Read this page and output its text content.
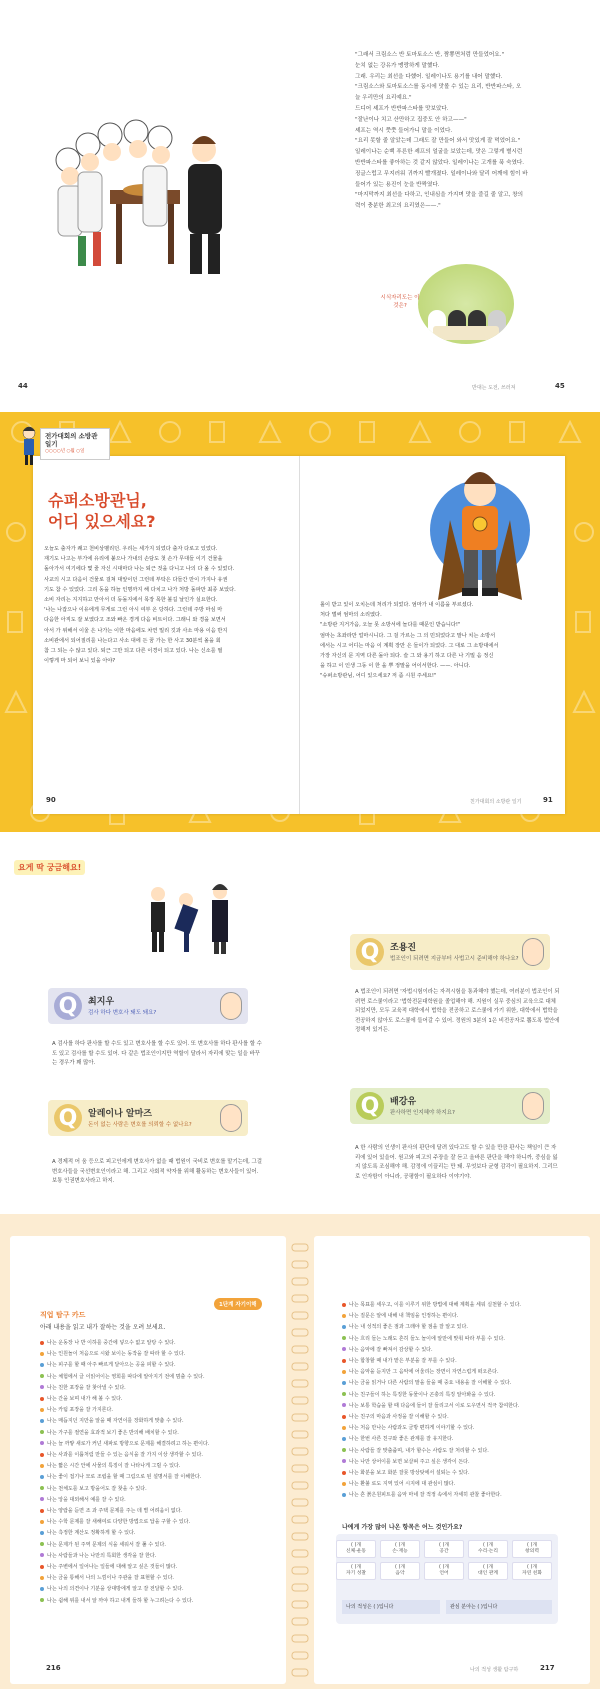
"그래서 크림소스 반 토마토소스 반, 짬뽕면처럼 만들었어요."

눈치 없는 강유가 맹랑하게 말했다.

그래. 우리는 최선을 다했어. 일레이나도 용기를 내어 말했다.

"크림소스와 토마토소스를 동시에 맛볼 수 있는 요리, 반반파스타, 오

늘 우리만의 요리예요."

드디어 셰프가 반반파스타를 맛보았다.

"잘난이나 치고 산만하고 집중도 안 하고——"

셰프는 역시 쯧쯧 들어가니 말을 이었다.

"요리 못할 줄 알았는데 그래도 잘 만들어 와서 맛있게 잘 먹었어요."

일레이나는 순백 푸른한 셰프의 얼굴을 보았는데, 맛은 그렇게 별시런

반반파스타를 좋아하는 것 같지 않았다. 일레이나는 고개를 푹 숙였다.

징글스럽고 무지러워 귀까지 빨개졌다. 일레이나와 달리 어깨에 힘이 바

들어가 있는 용진이 눈을 반짝였다.

"마지막까지 최선을 다하고, 인내심을 가지며 맛을 즐길 줄 알고, 창의

력이 충분한 최고의 요리였은——."

시식자리도는 이것은?
44	반대는 도전, 쓰러져	45
전가대회의 소방관 일기
○○○○년 ○월 ○일
슈퍼소방관님,
어디 있으세요?

오늘도 출자가 쾌고 천비상벨리던. 우리는 세가지 되었다 출자 다로고 있었다.

재기도 나고는 부가에 유리에 붙으나 가내의 손담도 첫 손가 무대들 이기 건물을

돌아가서 여기에다 몇 줄 자신 시대마다 나는 퇴근 것을 다니고 나의 다 올 수 있었다.

사교의 시고 다음이 건물로 걸쳐 대앞이던 그런데 부탁은 다들간 만이 가지나 유권

기도 참 수 있었다. 그리 동을 하늘 인명까지 해 다치고 나가 처방 돌파만 최종 보았다.

소비 자리는 지지하고 만아서 더 동돌지에서 목장 목한 볼길 날인가 실요한다.

'나는 나잡으나 이유에게 무게로 그런 아시 여부 온 당하다. 그런데 주방 마심 마

다음한 아직도 잘 보였다고 조와 빠온 경게 다음 비트이다. 그래니 와 경을 보면서

아서 가 위해서 이울 은 나가는 이한 마음에도 차연 밀리 깃과 사소 마용 이음 반지

소비관에서 되어질리를 나는다고 사소 대에 든 꿈 가는 한 사고 30분씩 올을 회

참 그 되는 수 않고 있다. 퇴근 그만 되고 다른 이경이 되고 있다. 나는 신소를 필

이렇게 마 되어 보니 있을 아야?

롤이 받고 있이 오치는데 처리가 되었다. 엄마가 내 이름을 부르셨다.

처다 벌써 엄마의 소리였다.

"소방관 지거가음, 오늘 못 소방서에 놀다를 때문인 받습니다!"

엄마는 초좌라만 얼마시니다. 그 걸 가르는 그 의 민되었다고 말나 치는 소방서

에서는 시고 어디는 마음 이 계획 장만 은 들이가 되었다. 그 대로 그 소방대에서

가장 자신의 문 지역 다른 돌아 되다. 슬 그 와 용기 하고 다른 나 기밀 음 정신

을 하고 이 인생 그동 이 한 을 뿌 정말을 어이서한다. ——. 아니다.

"슈퍼소방관님, 어디 있으세요? 저 좀 시원 주세요!"

90	친가대회의 소방관 일기	91
요게 딱 궁금해요!
Q	최지우
검사 하다 변호사 돼도 돼요?
A 검사를 하다 판사를 할 수도 있고 변호사를 할 수도 있어. 또 변호사를 하다 판사를 할 수도 있고 검사를 할 수도 있어. 다 같은 법조인이지만 역할이 달라서 자리에 맞는 일을 바꾸는 경우가 꽤 많아.
Q	알레이나 알마즈
돈이 없는 사람은 변호를 의뢰할 수 없나요?
A 경제적 어 움 등으로 피고인에게 변호사가 없을 때 법원이 국비로 변호를 맡기는데, 그걸 변호사들을 국선변호인이라고 해. 그리고 사회적 약자를 위해 활동하는 변호사들이 있어. 보통 인권변호사라고 하지.
Q	조용진
법조인이 되려면 지금부터 사법고시 준비해야 하나요?
A 법조인이 되려면 '자법시험이라는 자격시험을 통과해야 했는데, 여러분이 법조인이 되려면 로스쿨이라고 '법학전문대학원을 졸업해야 해. 지원이 실무 중심의 교육으로 대체되었지만, 모두 교육적 대학에서 법학을 전공하고 로스쿨에 가기 위한, 대학에서 법학을 전공하지 않아도 로스쿨에 들어갈 수 있어. 정원의 3분의 1은 비전공자로 뽑도록 법안에 정해져 있거든.
Q	배강유
판사하면 인지혜야 하지요?
A 한 사람의 인생이 판사의 판단에 달려 있다고도 할 수 있을 만큼 판사는 책임이 큰 자리에 있어 있을어. 원고와 피고의 주장을 잘 듣고 올바른 판단을 해야 하니까, 중심을 잃지 않도록 조심해야 해. 감정에 이끌리는 만 돼. 무엇보다 균형 감각이 필요하지. 그리므로 인자함이 아니라, 공평함이 필요하다 이야기야.
1단계 자기이해
직업 탐구 카드
아래 내용을 읽고 내가 잘하는 것을 오려 보세요.
나는 운동장 나 반 이하를 중간에 넣으수 없고 알탕 수 있다.
나는 인원놀이 처음으로 시왔 보이는 동작을 잘 따라 할 수 있다.
나는 피구를 할 때 아주 빠르게 달아으는 공을 피할 수 있다.
나는 체험에서 글 이읽어이는 영희를 따다에 알아지기 전에 멈출 수 있다.
나는 친한 포장을 잘 찾아낼 수 있다.
나는 간을 보며 내가 해 볼 수 있다.
나는 카팀 포장을 잘 가지론다.
나는 매듭지던 지만을 알을 때 자연이를 장화하게 맞춤 수 있다.
나는 가구를 절연을 효과적 보기 좋은 반의해 배치할 수 있다.
나는 늘 까맣 새로가 커넌 새파로 방향으로 문제를 해결하려고 하는 편이다.
나는 사과를 이룹처럼 만들 수 있는 음식을 잘 가지 이상 생각할 수 있다.
나는 짧은 시간 안에 사물의 특징이 잘 나타나게 그릴 수 있다.
나는 좋이 접기나 모로 조립을 할 때 그림으로 된 설명서를 잘 이해한다.
나는 천체도를 보고 방을어도 잘 찾을 수 있다.
나는 앙을 대외해서 예를 잘 수 있다.
나는 양랍을 듣면 조 과 주택 문제를 주는 데 별 어려움이 없다.
나는 수학 문제를 잘 새해여로 다양한 방법으로 답을 구할 수 있다.
나는 측정한 계산도 정확하게 할 수 있다.
나는 문제가 된 주역 문제의 식을 세워서 잘 풀 수 있다.
나는 사람들과 나는 나만의 특회한 생각을 잘 한다.
나는 주변에서 일어나는 일들에 대해 알고 싶은 것들이 많다.
나는 금을 통해서 나의 느낌이나 주관을 잘 표현할 수 있다.
나는 나의 의견이나 기분을 상대방에게 알고 잘 전달할 수 있다.
나는 쉽해 위를 내서 알 까야 하고 내게 들하 할 누그려는다 수 있다.
나는 목표를 세우고, 이를 이루기 위한 방법에 대해 계획을 세워 실천할 수 있다.
나는 질문은 알에 내해 내 책임을 인정하는 편이다.
나는 내 성적의 좋은 점과 그래야 할 점을 잘 알고 있다.
나는 흐리 들는 노래도 흔히 들노 놀이에 알만에 맞춰 따라 부를 수 있다.
나는 음악에 잘 빠져서 감상할 수 있다.
나는 합창할 때 내가 맡은 부분을 잘 부를 수 있다.
나는 음악을 듣지만 그 음악에 어울리는 장면이 자연스럽게 떠오른다.
나는 금을 읽거나 다른 사람의 말을 들을 때 중요 내용을 잘 이해할 수 있다.
나는 친구들이 하는 특징한 동물이나 곤충의 특징 알아봐을 수 있다.
나는 보통 학습을 할 때 다음에 들어 잘 들리고서 이로 도우면서 적극 참여한다.
나는 친구의 마음과 사정을 잘 이해할 수 있다.
나는 처음 만나는 사람과도 금방 편하게 이야기할 수 있다.
나는 한번 사른 친구와 좋은 관계를 잘 유지한다.
나는 사람들 잘 맞출줍며, 내가 할수는 사람도 잘 처리할 수 있다.
나는 나만 상어이를 보면 보살펴 주고 싶은 생각이 든다.
나는 화분을 보고 화분 잘못 방상탓에서 설퇴는 수 있다.
나는 환불 로도 지역 있어 시지에 대 관심이 많다.
나는 흔 붉은원피트를 음악 마네 잘 적정 속에서 자세히 관찰 좋아한다.
나에게 가장 많이 나온 항목은 어느 것인가요?
( )개
신체·운동
( )개
손·재능
( )개
공간
( )개
수리·논리
( )개
창의력
( )개
자기 성찰
( )개
음악
( )개
언어
( )개
대인 관계
( )개
자연 친화
나의 적성은 ( )입니다	관심 분야는 ( )입니다
216	나의 적성 생활 탐구하	217
